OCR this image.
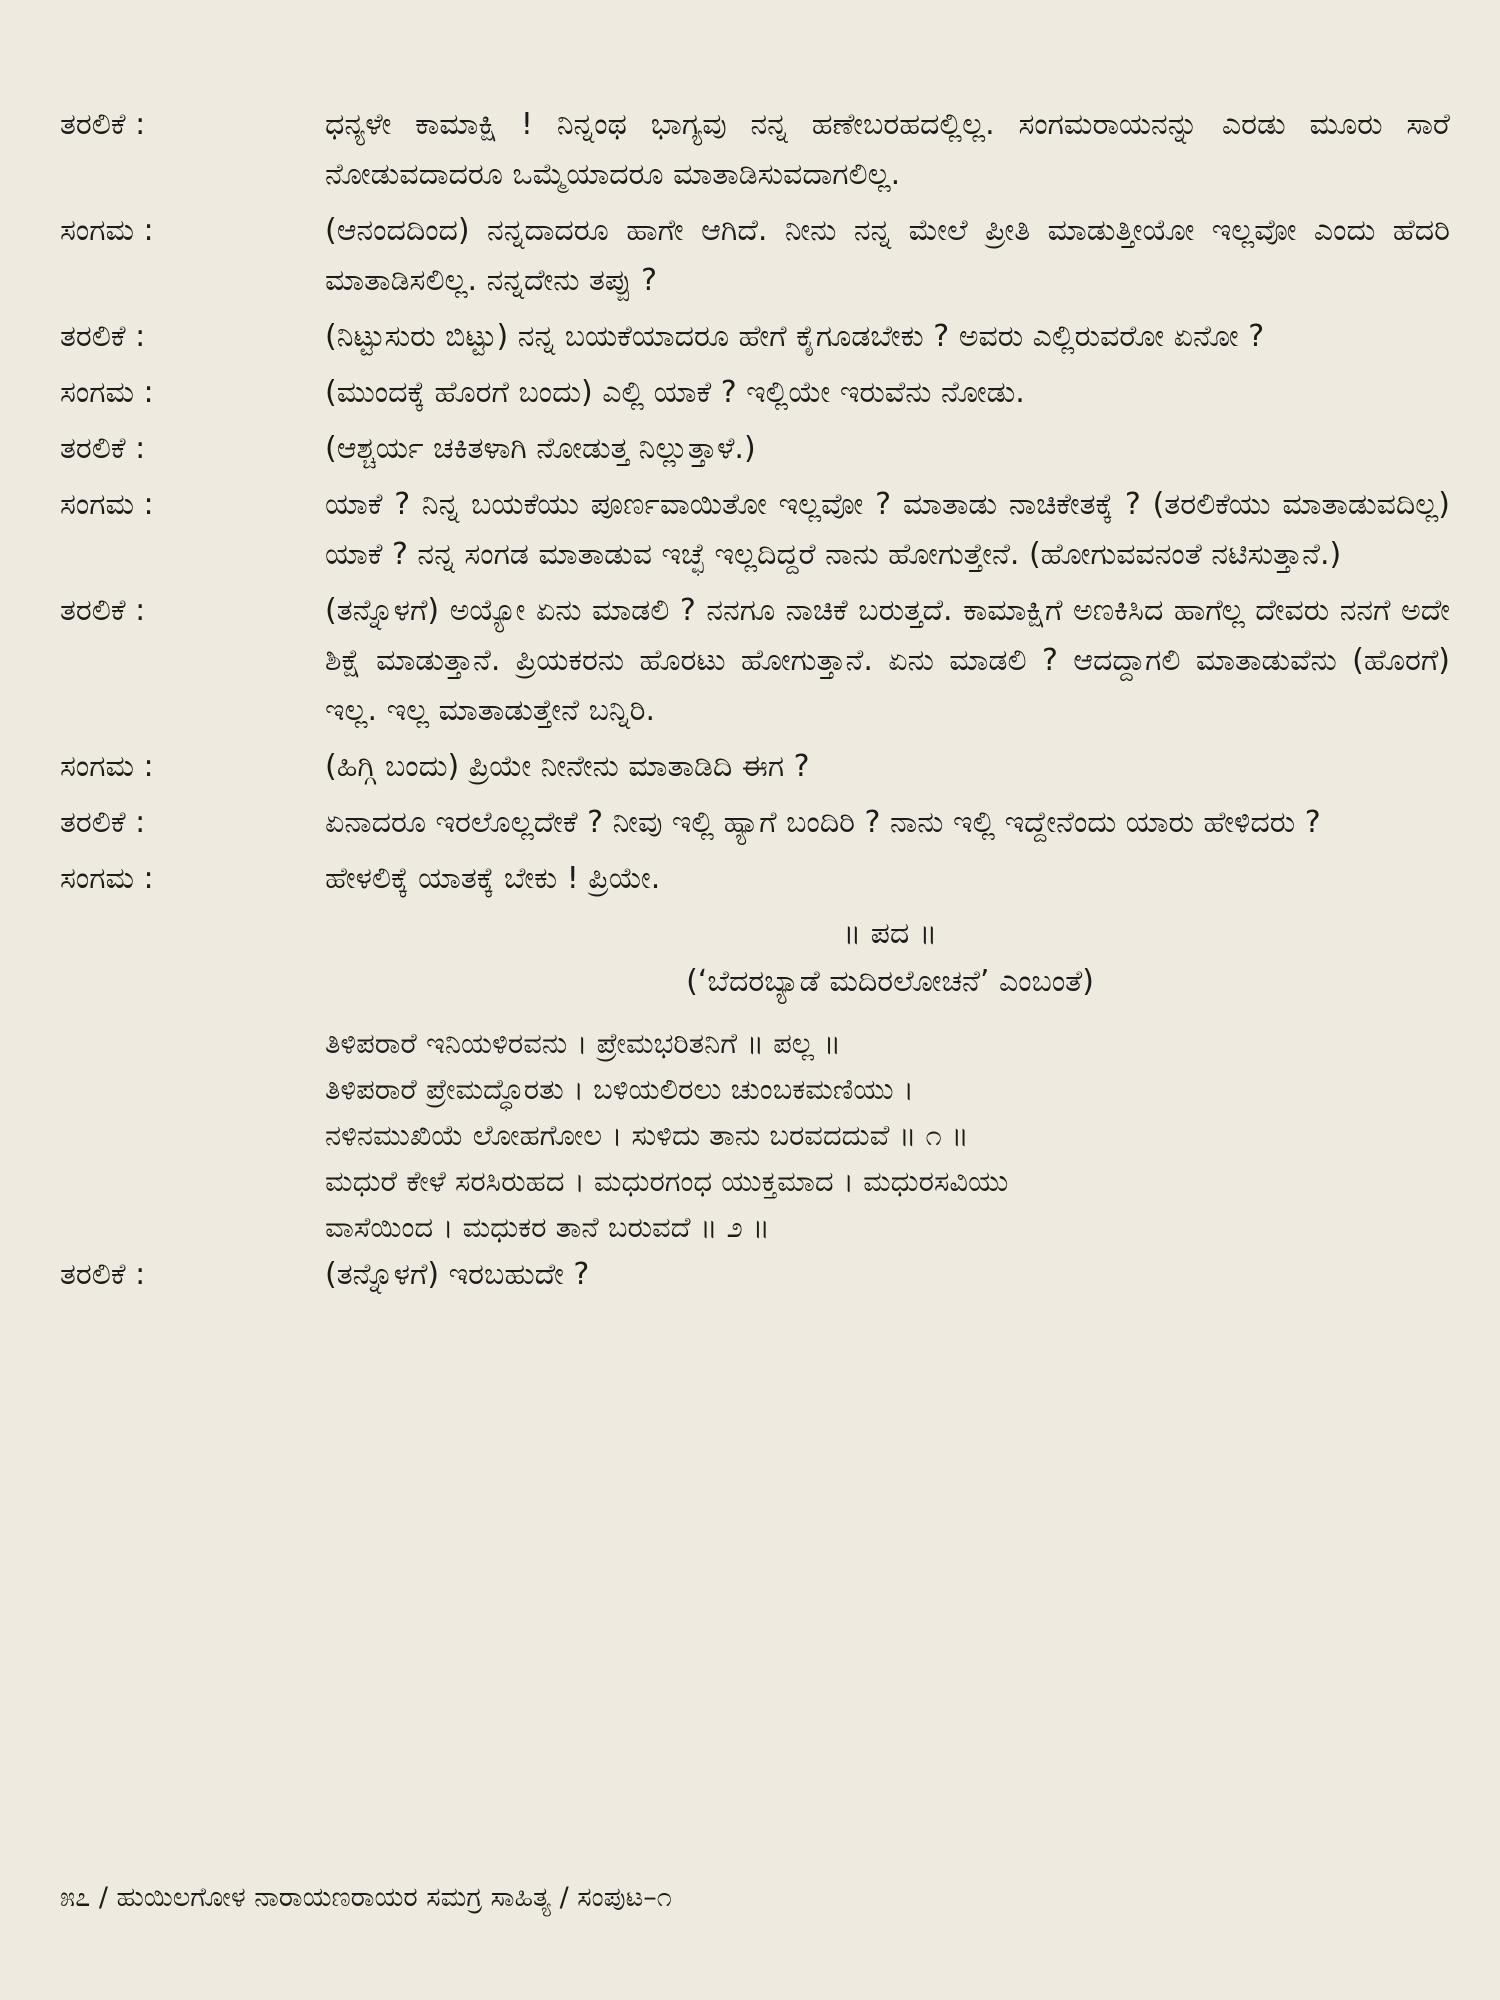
ತರಲಿಕೆ :	ಧನ್ಯಳೇ ಕಾಮಾಕ್ಷಿ ! ನಿನ್ನಂಥ ಭಾಗ್ಯವು ನನ್ನ ಹಣೇಬರಹದಲ್ಲಿಲ್ಲ. ಸಂಗಮರಾಯನನ್ನು ಎರಡು ಮೂರು ಸಾರೆ ನೋಡುವದಾದರೂ ಒಮ್ಮೆಯಾದರೂ ಮಾತಾಡಿಸುವದಾಗಲಿಲ್ಲ.
ಸಂಗಮ :	(ಆನಂದದಿಂದ) ನನ್ನದಾದರೂ ಹಾಗೇ ಆಗಿದೆ. ನೀನು ನನ್ನ ಮೇಲೆ ಪ್ರೀತಿ ಮಾಡುತ್ತೀಯೋ ಇಲ್ಲವೋ ಎಂದು ಹೆದರಿ ಮಾತಾಡಿಸಲಿಲ್ಲ. ನನ್ನದೇನು ತಪ್ಪು ?
ತರಲಿಕೆ :	(ನಿಟ್ಟುಸುರು ಬಿಟ್ಟು) ನನ್ನ ಬಯಕೆಯಾದರೂ ಹೇಗೆ ಕೈಗೂಡಬೇಕು ? ಅವರು ಎಲ್ಲಿರುವರೋ ಏನೋ ?
ಸಂಗಮ :	(ಮುಂದಕ್ಕೆ ಹೊರಗೆ ಬಂದು) ಎಲ್ಲಿ ಯಾಕೆ ? ಇಲ್ಲಿಯೇ ಇರುವೆನು ನೋಡು.
ತರಲಿಕೆ :	(ಆಶ್ಚರ್ಯ ಚಕಿತಳಾಗಿ ನೋಡುತ್ತ ನಿಲ್ಲುತ್ತಾಳೆ.)
ಸಂಗಮ :	ಯಾಕೆ ? ನಿನ್ನ ಬಯಕೆಯು ಪೂರ್ಣವಾಯಿತೋ ಇಲ್ಲವೋ ? ಮಾತಾಡು ನಾಚಿಕೇತಕ್ಕೆ ? (ತರಲಿಕೆಯು ಮಾತಾಡುವದಿಲ್ಲ) ಯಾಕೆ ? ನನ್ನ ಸಂಗಡ ಮಾತಾಡುವ ಇಚ್ಛೆ ಇಲ್ಲದಿದ್ದರೆ ನಾನು ಹೋಗುತ್ತೇನೆ. (ಹೋಗುವವನಂತೆ ನಟಿಸುತ್ತಾನೆ.)
ತರಲಿಕೆ :	(ತನ್ನೊಳಗೆ) ಅಯ್ಯೋ ಏನು ಮಾಡಲಿ ? ನನಗೂ ನಾಚಿಕೆ ಬರುತ್ತದೆ. ಕಾಮಾಕ್ಷಿಗೆ ಅಣಕಿಸಿದ ಹಾಗೆಲ್ಲ ದೇವರು ನನಗೆ ಅದೇ ಶಿಕ್ಷೆ ಮಾಡುತ್ತಾನೆ. ಪ್ರಿಯಕರನು ಹೊರಟು ಹೋಗುತ್ತಾನೆ. ಏನು ಮಾಡಲಿ ? ಆದದ್ದಾಗಲಿ ಮಾತಾಡುವೆನು (ಹೊರಗೆ) ಇಲ್ಲ. ಇಲ್ಲ ಮಾತಾಡುತ್ತೇನೆ ಬನ್ನಿರಿ.
ಸಂಗಮ :	(ಹಿಗ್ಗಿ ಬಂದು) ಪ್ರಿಯೇ ನೀನೇನು ಮಾತಾಡಿದಿ ಈಗ ?
ತರಲಿಕೆ :	ಏನಾದರೂ ಇರಲೊಲ್ಲದೇಕೆ ? ನೀವು ಇಲ್ಲಿ ಹ್ಯಾಗೆ ಬಂದಿರಿ ? ನಾನು ಇಲ್ಲಿ ಇದ್ದೇನೆಂದು ಯಾರು ಹೇಳಿದರು ?
ಸಂಗಮ :	ಹೇಳಲಿಕ್ಕೆ ಯಾತಕ್ಕೆ ಬೇಕು ! ಪ್ರಿಯೇ.
॥ ಪದ ॥
(‘ಬೆದರಬ್ಯಾಡೆ ಮದಿರಲೋಚನೆ’ ಎಂಬಂತೆ)
ತಿಳಿಪರಾರೆ ಇನಿಯಳಿರವನು । ಪ್ರೇಮಭರಿತನಿಗೆ ॥ ಪಲ್ಲ ॥
ತಿಳಿಪರಾರೆ ಪ್ರೇಮದ್ಧೊರತು । ಬಳಿಯಲಿರಲು ಚುಂಬಕಮಣಿಯು ।
ನಳಿನಮುಖಿಯೆ ಲೋಹಗೋಲ । ಸುಳಿದು ತಾನು ಬರವದದುವೆ ॥ ೧ ॥
ಮಧುರೆ ಕೇಳೆ ಸರಸಿರುಹದ । ಮಧುರಗಂಧ ಯುಕ್ತಮಾದ । ಮಧುರಸವಿಯು
ವಾಸೆಯಿಂದ । ಮಧುಕರ ತಾನೆ ಬರುವದೆ ॥ ೨ ॥
ತರಲಿಕೆ :	(ತನ್ನೊಳಗೆ) ಇರಬಹುದೇ ?
೫೭ / ಹುಯಿಲಗೋಳ ನಾರಾಯಣರಾಯರ ಸಮಗ್ರ ಸಾಹಿತ್ಯ / ಸಂಪುಟ–೧
